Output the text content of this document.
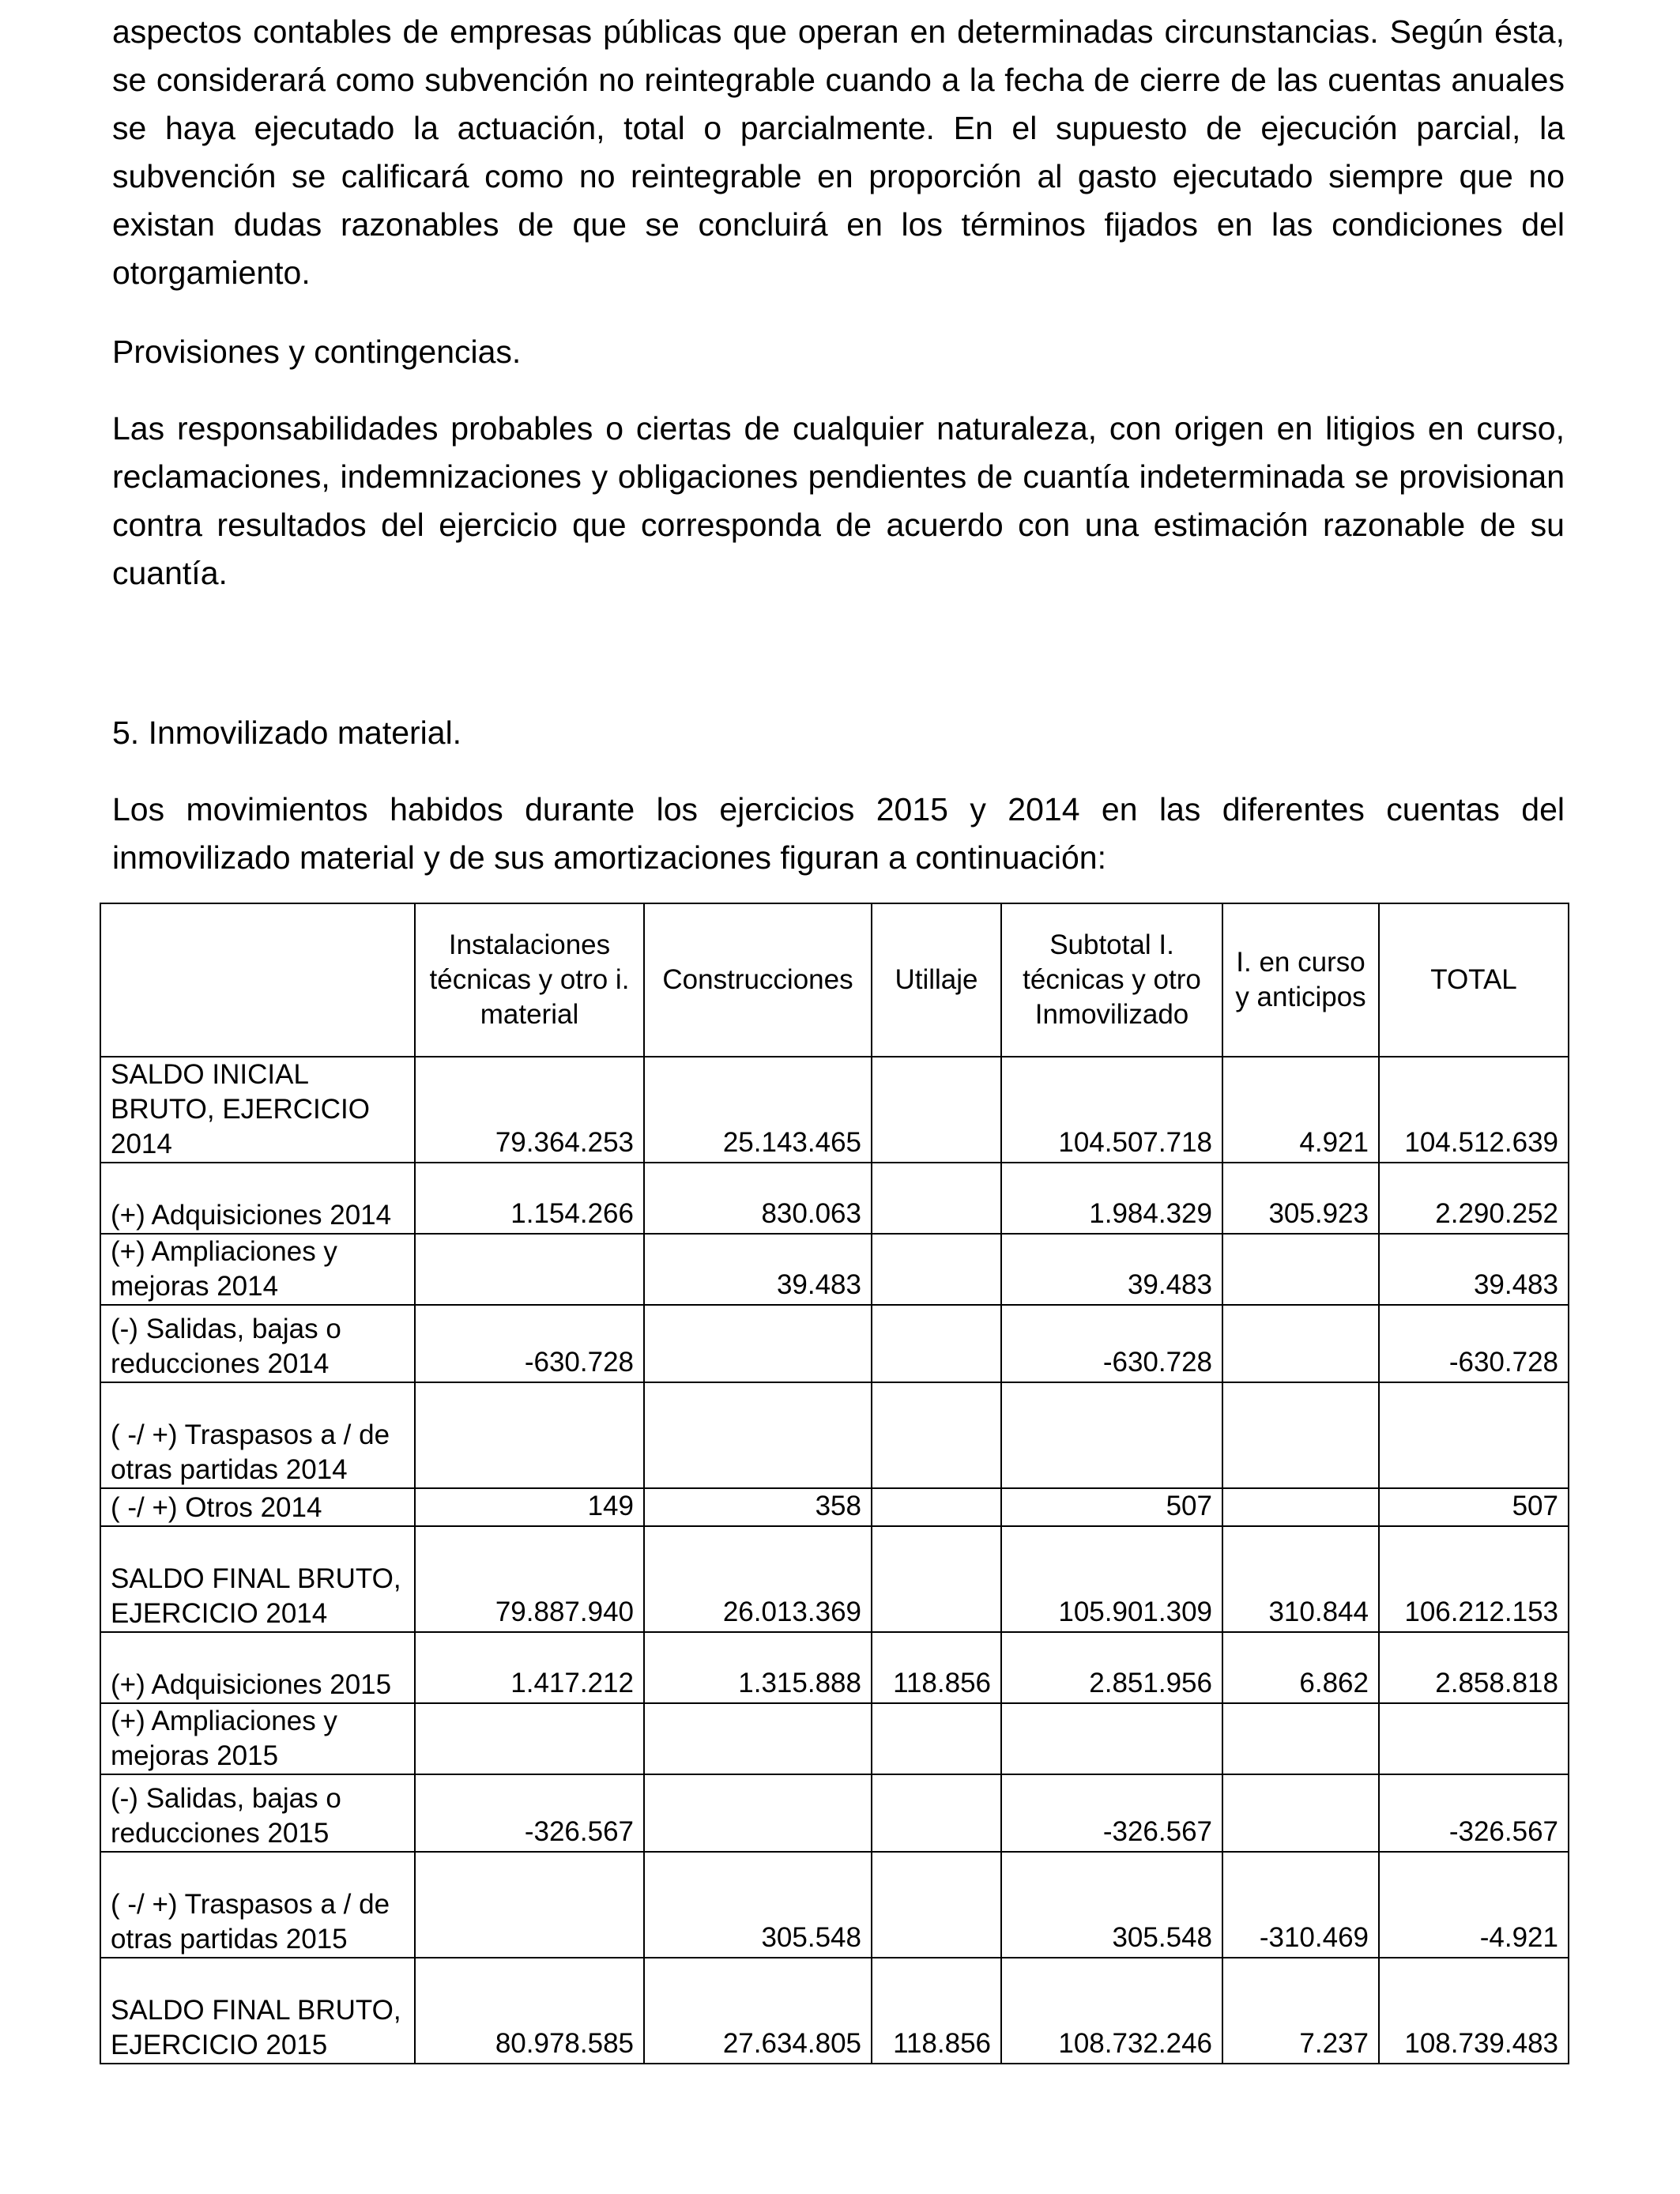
aspectos contables de empresas públicas que operan en determinadas circunstancias. Según ésta, se considerará como subvención no reintegrable cuando a la fecha de cierre de las cuentas anuales se haya ejecutado la actuación, total o parcialmente. En el supuesto de ejecución parcial, la subvención se calificará como no reintegrable en proporción al gasto ejecutado siempre que no existan dudas razonables de que se concluirá en los términos fijados en las condiciones del otorgamiento.

Provisiones y contingencias.

Las responsabilidades probables o ciertas de cualquier naturaleza, con origen en litigios en curso, reclamaciones, indemnizaciones y obligaciones pendientes de cuantía indeterminada se provisionan contra resultados del ejercicio que corresponda de acuerdo con una estimación razonable de su cuantía.

5. Inmovilizado material.

Los movimientos habidos durante los ejercicios 2015 y 2014 en las diferentes cuentas del inmovilizado material y de sus amortizaciones figuran a continuación:

	Instalaciones técnicas y otro i. material	Construcciones	Utillaje	Subtotal I. técnicas y otro Inmovilizado	I. en curso y anticipos	TOTAL
SALDO INICIAL BRUTO, EJERCICIO 2014	79.364.253	25.143.465		104.507.718	4.921	104.512.639
(+) Adquisiciones 2014	1.154.266	830.063		1.984.329	305.923	2.290.252
(+) Ampliaciones y mejoras 2014		39.483		39.483		39.483
(-) Salidas, bajas o reducciones 2014	-630.728			-630.728		-630.728
( -/ +) Traspasos a / de otras partidas 2014						
( -/ +) Otros 2014	149	358		507		507
SALDO FINAL BRUTO, EJERCICIO 2014	79.887.940	26.013.369		105.901.309	310.844	106.212.153
(+) Adquisiciones 2015	1.417.212	1.315.888	118.856	2.851.956	6.862	2.858.818
(+) Ampliaciones y mejoras 2015						
(-) Salidas, bajas o reducciones 2015	-326.567			-326.567		-326.567
( -/ +) Traspasos a / de otras partidas 2015		305.548		305.548	-310.469	-4.921
SALDO FINAL BRUTO, EJERCICIO 2015	80.978.585	27.634.805	118.856	108.732.246	7.237	108.739.483
